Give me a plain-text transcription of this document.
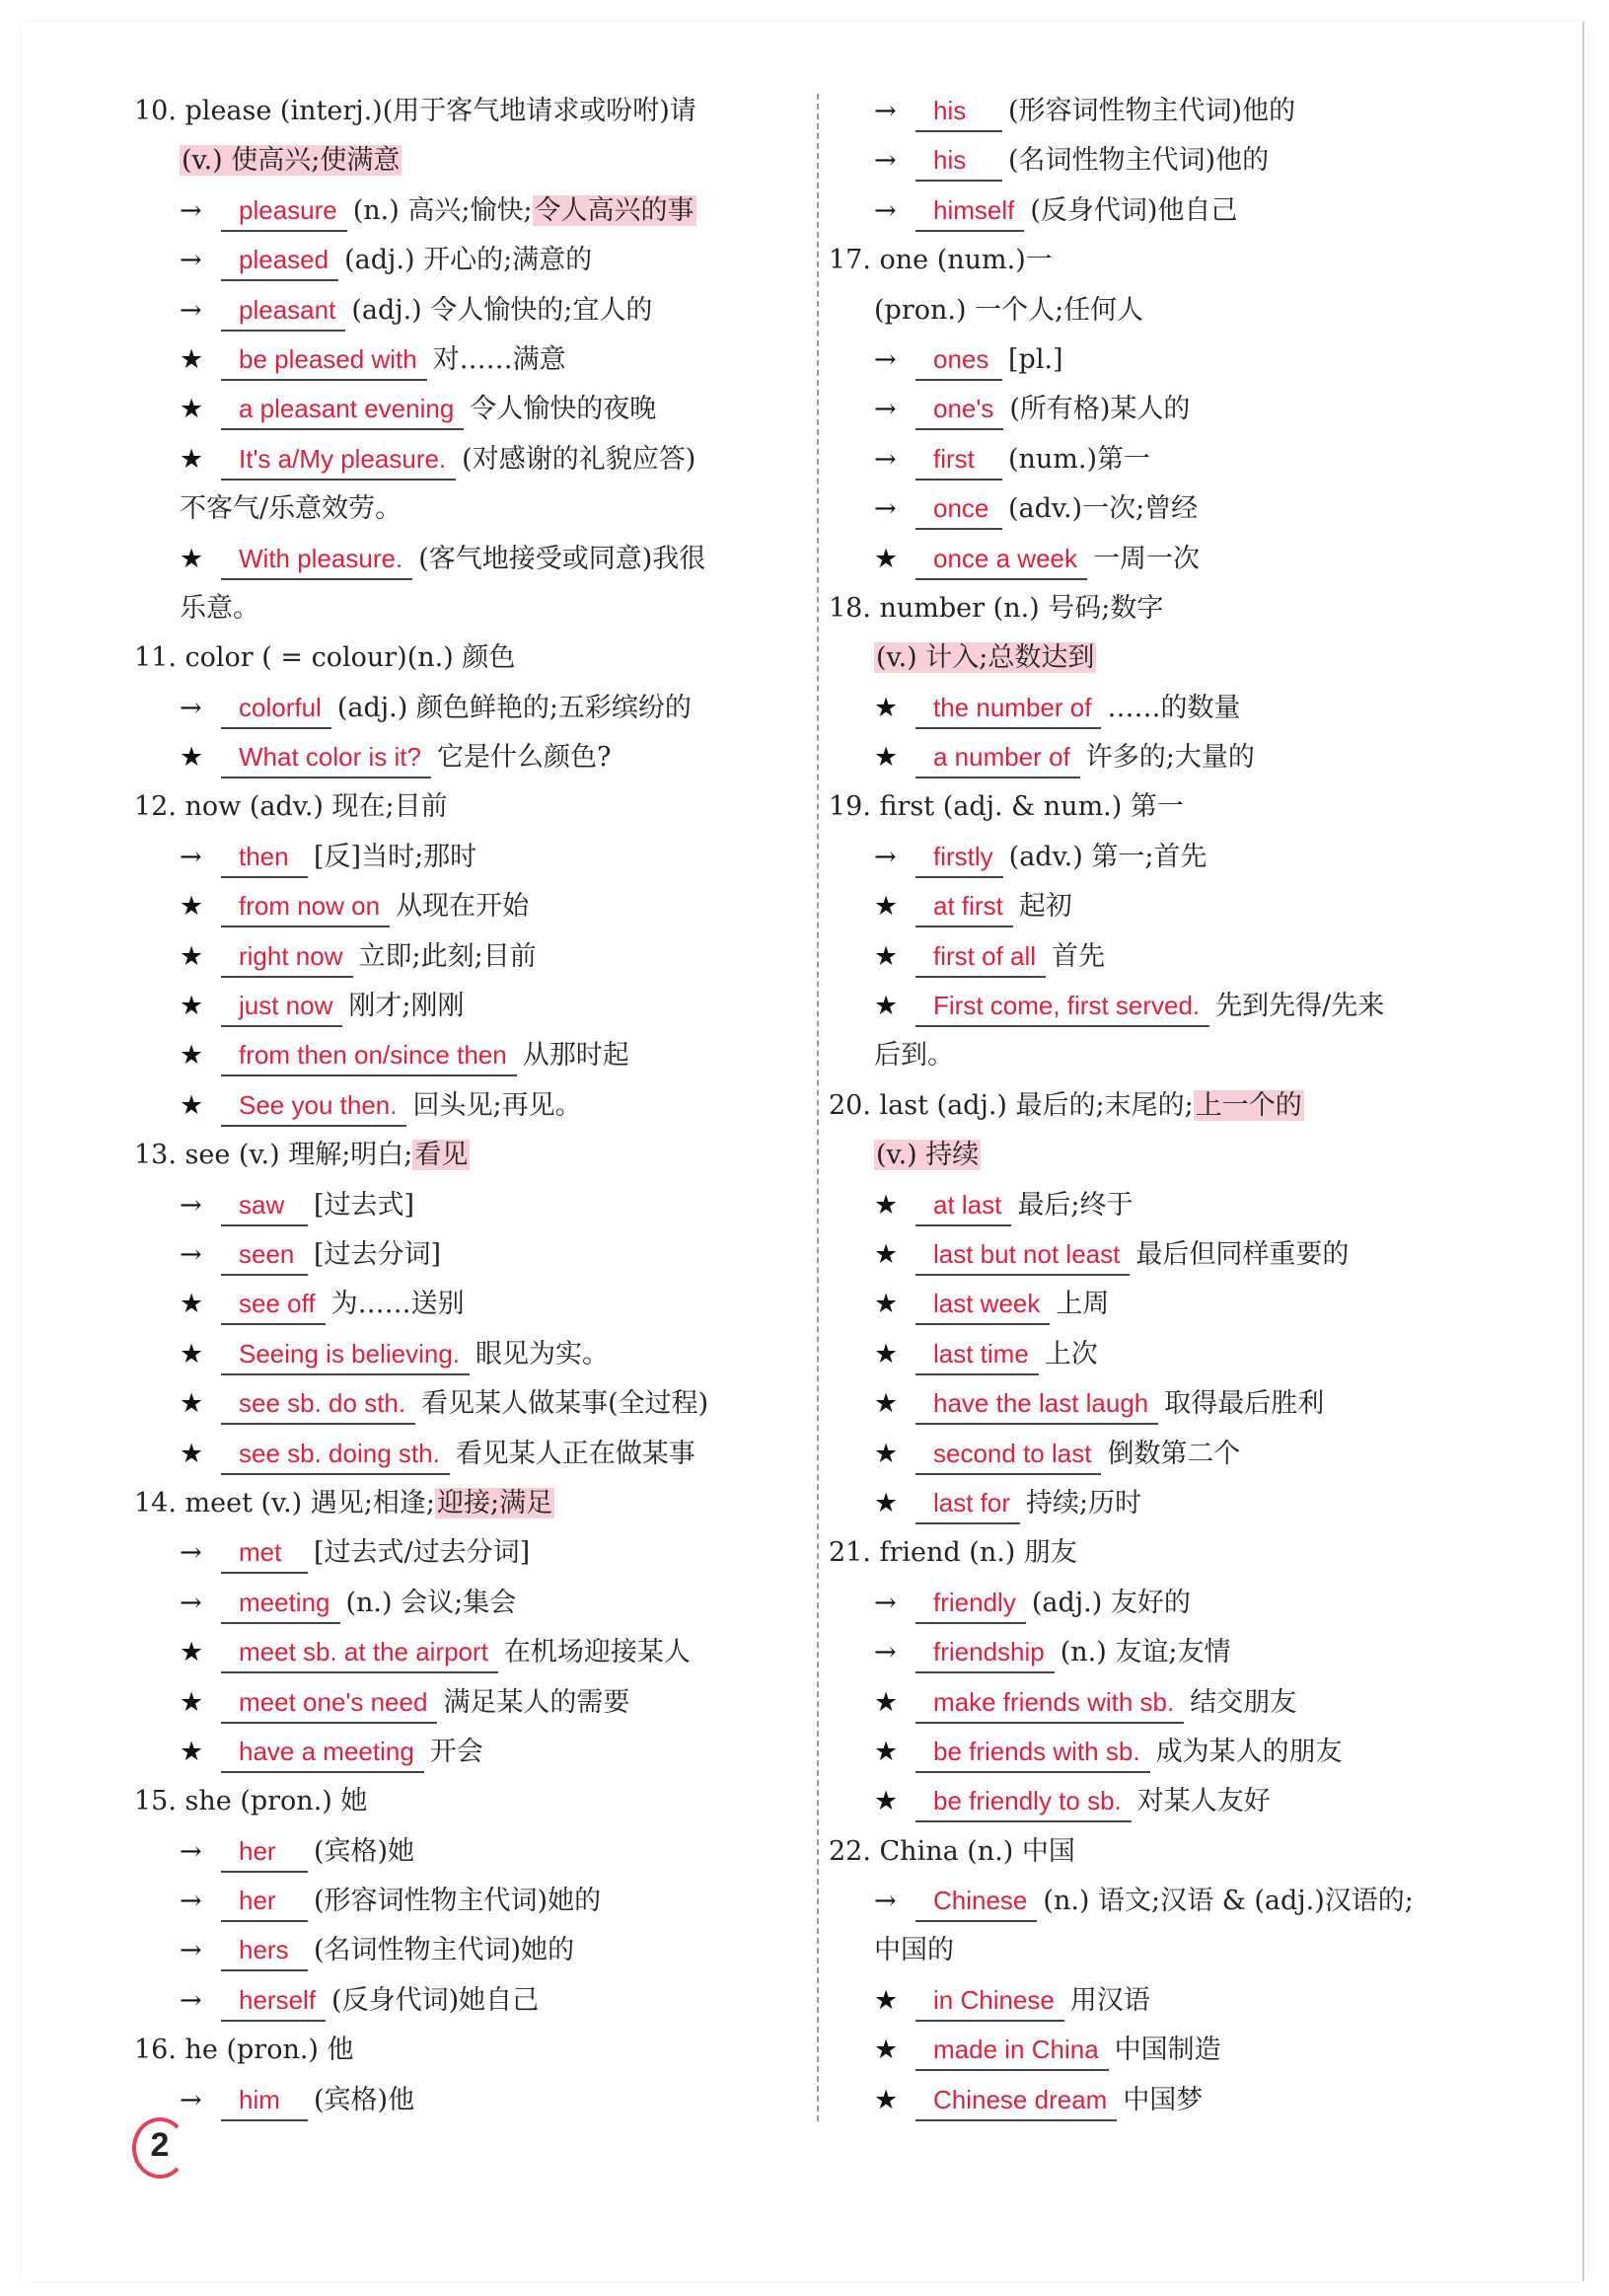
10. please (interj.)(用于客气地请求或吩咐)请
(v.) 使高兴;使满意
→ pleasure (n.) 高兴;愉快;令人高兴的事
→ pleased (adj.) 开心的;满意的
→ pleasant (adj.) 令人愉快的;宜人的
★ be pleased with 对……满意
★ a pleasant evening 令人愉快的夜晚
★ It's a/My pleasure. (对感谢的礼貌应答)
不客气/乐意效劳。
★ With pleasure. (客气地接受或同意)我很
乐意。
11. color ( = colour)(n.) 颜色
→ colorful (adj.) 颜色鲜艳的;五彩缤纷的
★ What color is it? 它是什么颜色?
12. now (adv.) 现在;目前
→ then [反]当时;那时
★ from now on 从现在开始
★ right now 立即;此刻;目前
★ just now 刚才;刚刚
★ from then on/since then 从那时起
★ See you then. 回头见;再见。
13. see (v.) 理解;明白;看见
→ saw [过去式]
→ seen [过去分词]
★ see off 为……送别
★ Seeing is believing. 眼见为实。
★ see sb. do sth. 看见某人做某事(全过程)
★ see sb. doing sth. 看见某人正在做某事
14. meet (v.) 遇见;相逢;迎接;满足
→ met [过去式/过去分词]
→ meeting (n.) 会议;集会
★ meet sb. at the airport 在机场迎接某人
★ meet one's need 满足某人的需要
★ have a meeting 开会
15. she (pron.) 她
→ her (宾格)她
→ her (形容词性物主代词)她的
→ hers (名词性物主代词)她的
→ herself (反身代词)她自己
16. he (pron.) 他
→ him (宾格)他
→ his (形容词性物主代词)他的
→ his (名词性物主代词)他的
→ himself (反身代词)他自己
17. one (num.)一
(pron.) 一个人;任何人
→ ones [pl.]
→ one's (所有格)某人的
→ first (num.)第一
→ once (adv.)一次;曾经
★ once a week 一周一次
18. number (n.) 号码;数字
(v.) 计入;总数达到
★ the number of ……的数量
★ a number of 许多的;大量的
19. first (adj. & num.) 第一
→ firstly (adv.) 第一;首先
★ at first 起初
★ first of all 首先
★ First come, first served. 先到先得/先来
后到。
20. last (adj.) 最后的;末尾的;上一个的
(v.) 持续
★ at last 最后;终于
★ last but not least 最后但同样重要的
★ last week 上周
★ last time 上次
★ have the last laugh 取得最后胜利
★ second to last 倒数第二个
★ last for 持续;历时
21. friend (n.) 朋友
→ friendly (adj.) 友好的
→ friendship (n.) 友谊;友情
★ make friends with sb. 结交朋友
★ be friends with sb. 成为某人的朋友
★ be friendly to sb. 对某人友好
22. China (n.) 中国
→ Chinese (n.) 语文;汉语 & (adj.)汉语的;
中国的
★ in Chinese 用汉语
★ made in China 中国制造
★ Chinese dream 中国梦
2
